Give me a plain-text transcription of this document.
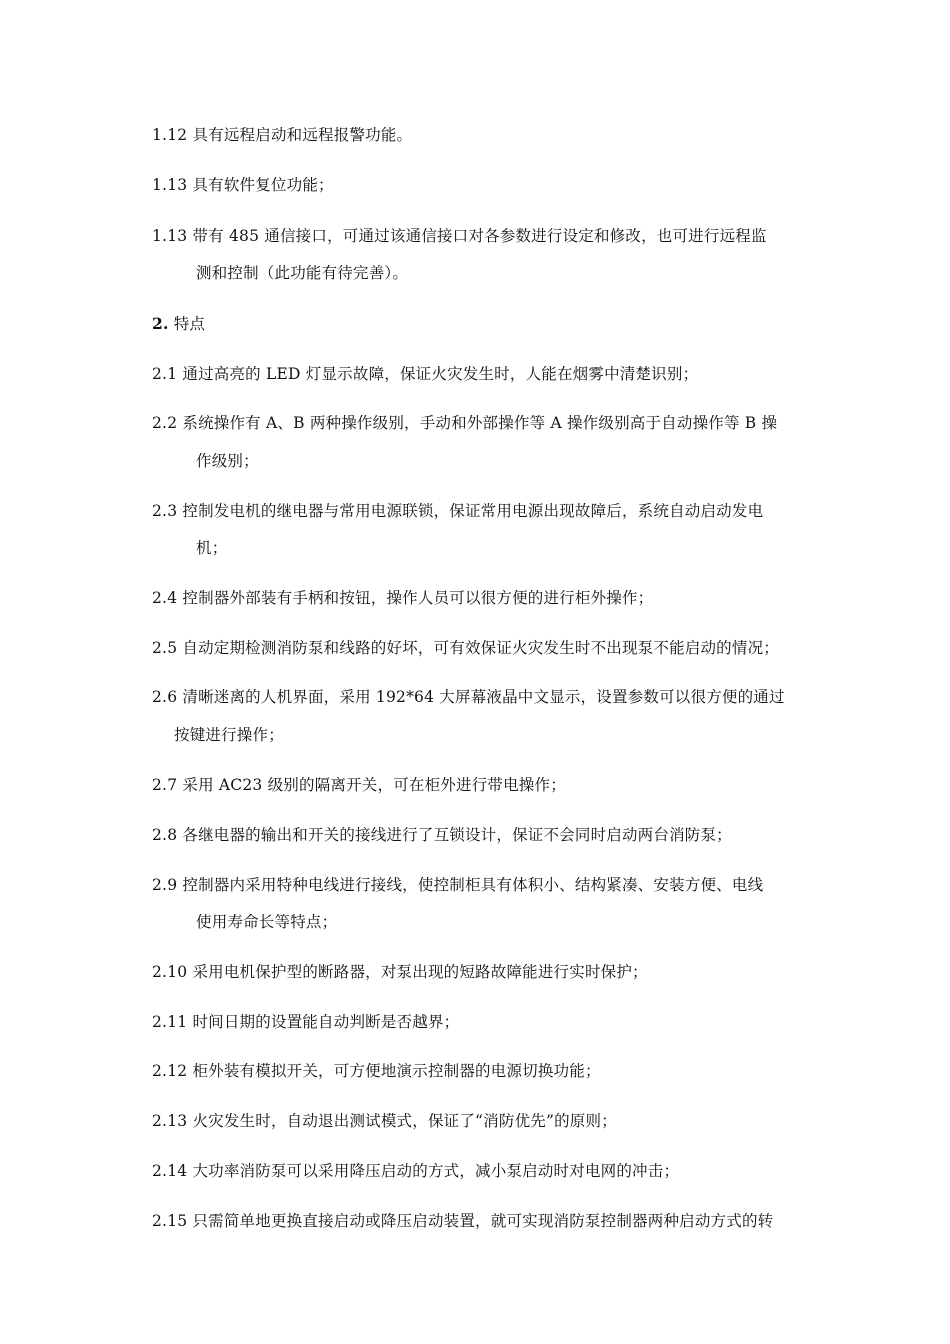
1.12 具有远程启动和远程报警功能。
1.13 具有软件复位功能；
1.13 带有 485 通信接口，可通过该通信接口对各参数进行设定和修改，也可进行远程监
测和控制（此功能有待完善）。
2. 特点
2.1 通过高亮的 LED 灯显示故障，保证火灾发生时，人能在烟雾中清楚识别；
2.2 系统操作有 A、B 两种操作级别，手动和外部操作等 A 操作级别高于自动操作等 B 操
作级别；
2.3 控制发电机的继电器与常用电源联锁，保证常用电源出现故障后，系统自动启动发电
机；
2.4 控制器外部装有手柄和按钮，操作人员可以很方便的进行柜外操作；
2.5 自动定期检测消防泵和线路的好坏，可有效保证火灾发生时不出现泵不能启动的情况；
2.6 清晰迷离的人机界面，采用 192*64 大屏幕液晶中文显示，设置参数可以很方便的通过
按键进行操作；
2.7 采用 AC23 级别的隔离开关，可在柜外进行带电操作；
2.8 各继电器的输出和开关的接线进行了互锁设计，保证不会同时启动两台消防泵；
2.9 控制器内采用特种电线进行接线，使控制柜具有体积小、结构紧凑、安装方便、电线
使用寿命长等特点；
2.10 采用电机保护型的断路器，对泵出现的短路故障能进行实时保护；
2.11 时间日期的设置能自动判断是否越界；
2.12 柜外装有模拟开关，可方便地演示控制器的电源切换功能；
2.13 火灾发生时，自动退出测试模式，保证了“消防优先”的原则；
2.14 大功率消防泵可以采用降压启动的方式，减小泵启动时对电网的冲击；
2.15 只需简单地更换直接启动或降压启动装置，就可实现消防泵控制器两种启动方式的转
